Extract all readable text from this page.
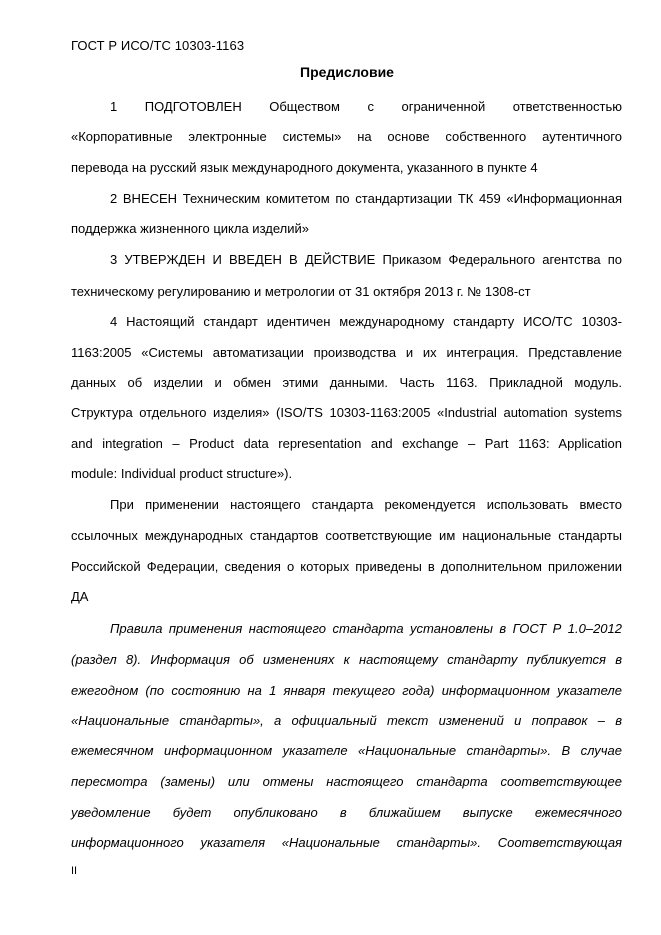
ГОСТ Р ИСО/ТС 10303-1163
Предисловие
1 ПОДГОТОВЛЕН Обществом с ограниченной ответственностью
«Корпоративные электронные системы» на основе собственного аутентичного
перевода на русский язык международного документа, указанного в пункте 4
2 ВНЕСЕН Техническим комитетом по стандартизации ТК 459 «Информационная
поддержка жизненного цикла изделий»
3 УТВЕРЖДЕН И ВВЕДЕН В ДЕЙСТВИЕ Приказом Федерального агентства по
техническому регулированию и метрологии от 31 октября 2013 г. № 1308-ст
4 Настоящий стандарт идентичен международному стандарту ИСО/ТС 10303-
1163:2005 «Системы автоматизации производства и их интеграция. Представление
данных об изделии и обмен этими данными. Часть 1163. Прикладной модуль.
Структура отдельного изделия» (ISO/TS 10303-1163:2005 «Industrial automation systems
and integration – Product data representation and exchange – Part 1163: Application
module: Individual product structure»).
При применении настоящего стандарта рекомендуется использовать вместо
ссылочных международных стандартов соответствующие им национальные стандарты
Российской Федерации, сведения о которых приведены в дополнительном приложении
ДА
Правила применения настоящего стандарта установлены в ГОСТ Р 1.0–2012
(раздел 8). Информация об изменениях к настоящему стандарту публикуется в
ежегодном (по состоянию на 1 января текущего года) информационном указателе
«Национальные стандарты», а официальный текст изменений и поправок – в
ежемесячном информационном указателе «Национальные стандарты». В случае
пересмотра (замены) или отмены настоящего стандарта соответствующее
уведомление будет опубликовано в ближайшем выпуске ежемесячного
информационного указателя «Национальные стандарты». Соответствующая
II
